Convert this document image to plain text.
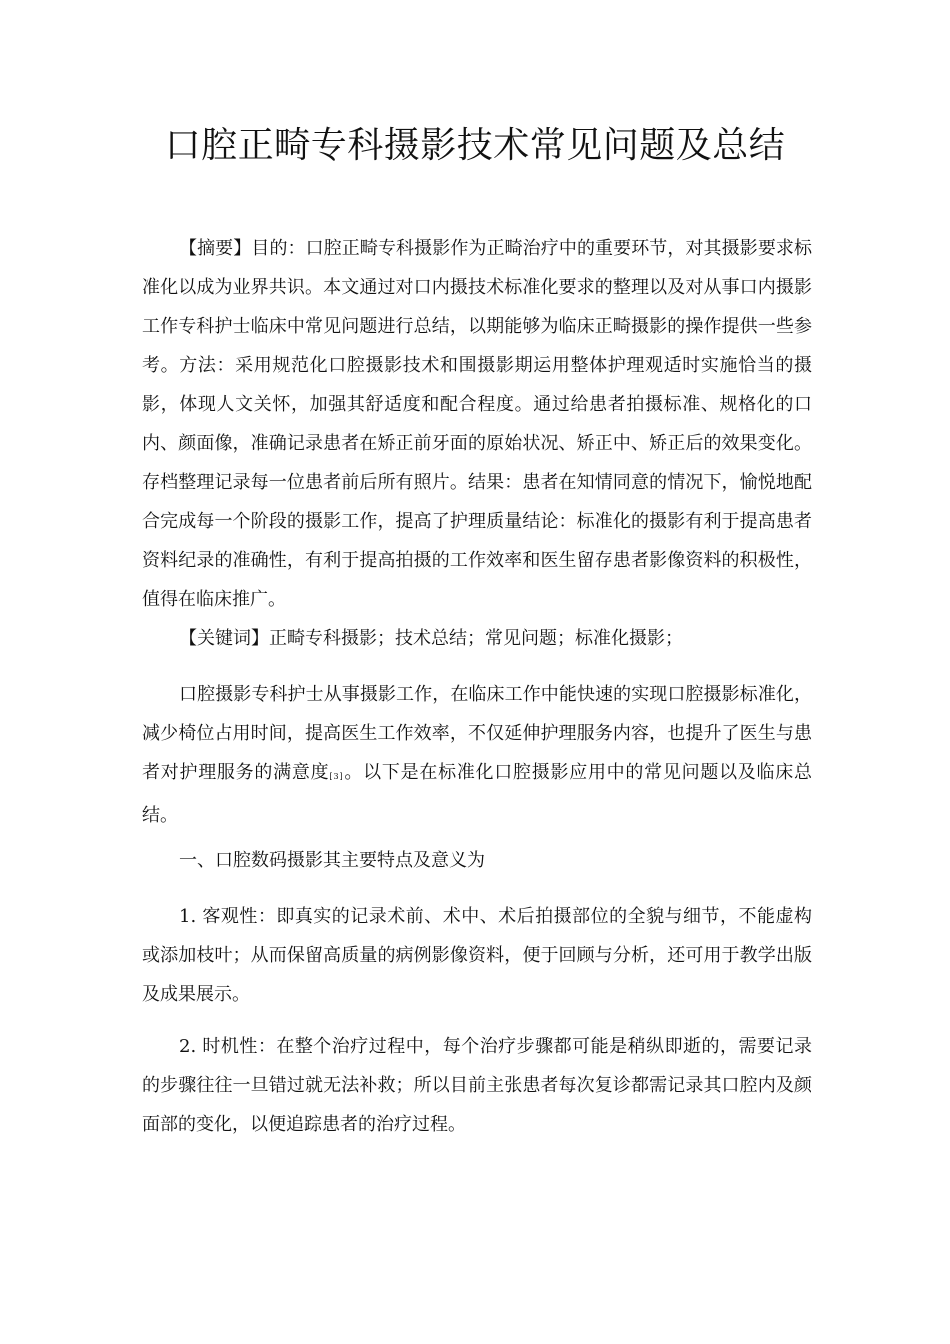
口腔正畸专科摄影技术常见问题及总结

【摘要】目的：口腔正畸专科摄影作为正畸治疗中的重要环节，对其摄影要求标准化以成为业界共识。本文通过对口内摄技术标准化要求的整理以及对从事口内摄影工作专科护士临床中常见问题进行总结，以期能够为临床正畸摄影的操作提供一些参考。方法：采用规范化口腔摄影技术和围摄影期运用整体护理观适时实施恰当的摄影，体现人文关怀，加强其舒适度和配合程度。通过给患者拍摄标准、规格化的口内、颜面像，准确记录患者在矫正前牙面的原始状况、矫正中、矫正后的效果变化。存档整理记录每一位患者前后所有照片。结果：患者在知情同意的情况下，愉悦地配合完成每一个阶段的摄影工作，提高了护理质量结论：标准化的摄影有利于提高患者资料纪录的准确性，有利于提高拍摄的工作效率和医生留存患者影像资料的积极性，值得在临床推广。

【关键词】正畸专科摄影；技术总结；常见问题；标准化摄影；

口腔摄影专科护士从事摄影工作，在临床工作中能快速的实现口腔摄影标准化，减少椅位占用时间，提高医生工作效率，不仅延伸护理服务内容，也提升了医生与患者对护理服务的满意度[3]。以下是在标准化口腔摄影应用中的常见问题以及临床总结。

一、口腔数码摄影其主要特点及意义为

1. 客观性：即真实的记录术前、术中、术后拍摄部位的全貌与细节，不能虚构或添加枝叶；从而保留高质量的病例影像资料，便于回顾与分析，还可用于教学出版及成果展示。

2. 时机性：在整个治疗过程中，每个治疗步骤都可能是稍纵即逝的，需要记录的步骤往往一旦错过就无法补救；所以目前主张患者每次复诊都需记录其口腔内及颜面部的变化，以便追踪患者的治疗过程。
